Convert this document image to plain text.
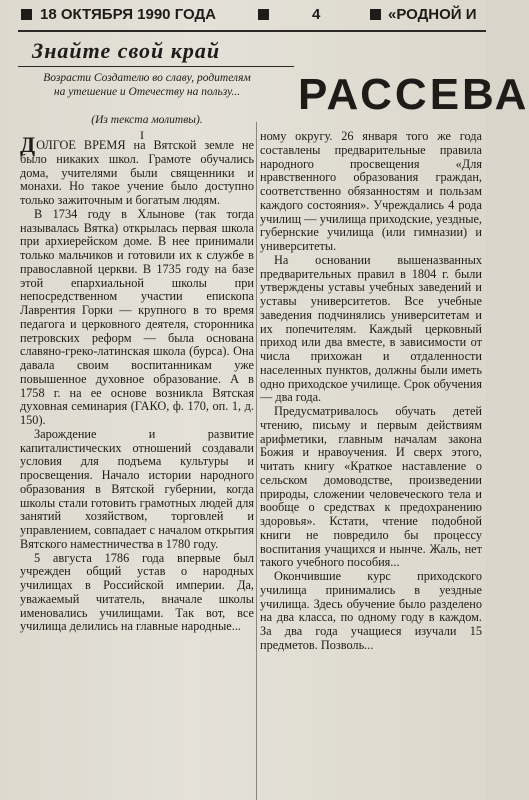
18 ОКТЯБРЯ 1990 ГОДА	4	«РОДНОЙ И
Знайте свой край
РАССЕВА
Возрасти Создателю во славу, родителям на утешение и Отечеству на пользу...
(Из текста молитвы).
I

ДОЛГОЕ ВРЕМЯ на Вятской земле не было никаких школ. Грамоте обучались дома, учителями были священники и монахи. Но такое учение было доступно только зажиточным и богатым людям.

В 1734 году в Хлынове (так тогда называлась Вятка) открылась первая школа при архиерейском доме. В нее принимали только мальчиков и готовили их к службе в православной церкви. В 1735 году на базе этой епархиальной школы при непосредственном участии епископа Лаврентия Горки — крупного в то время педагога и церковного деятеля, сторонника петровских реформ — была основана славяно-греко-латинская школа (бурса). Она давала своим воспитанникам уже повышенное духовное образование. А в 1758 г. на ее основе возникла Вятская духовная семинария (ГАКО, ф. 170, оп. 1, д. 150).

Зарождение и развитие капиталистических отношений создавали условия для подъема культуры и просвещения. Начало истории народного образования в Вятской губернии, когда школы стали готовить грамотных людей для занятий хозяйством, торговлей и управлением, совпадает с началом открытия Вятского наместничества в 1780 году.

5 августа 1786 года впервые был учрежден общий устав о народных училищах в Российской империи. Да, уважаемый читатель, вначале школы именовались училищами. Так вот, все училища делились на главные народные...

ному округу. 26 января того же года составлены предварительные правила народного просвещения «Для нравственного образования граждан, соответственно обязанностям и пользам каждого состояния». Учреждались 4 рода училищ — училища приходские, уездные, губернские училища (или гимназии) и университеты.

На основании вышеназванных предварительных правил в 1804 г. были утверждены уставы учебных заведений и уставы университетов. Все учебные заведения подчинялись университетам и их попечителям. Каждый церковный приход или два вместе, в зависимости от числа прихожан и отдаленности населенных пунктов, должны были иметь одно приходское училище. Срок обучения — два года.

Предусматривалось обучать детей чтению, письму и первым действиям арифметики, главным началам закона Божия и нравоучения. И сверх этого, читать книгу «Краткое наставление о сельском домоводстве, произведении природы, сложении человеческого тела и вообще о средствах к предохранению здоровья». Кстати, чтение подобной книги не повредило бы процессу воспитания учащихся и нынче. Жаль, нет такого учебного пособия...

Окончившие курс приходского училища принимались в уездные училища. Здесь обучение было разделено на два класса, по одному году в каждом. За два года учащиеся изучали 15 предметов. Позволь...
